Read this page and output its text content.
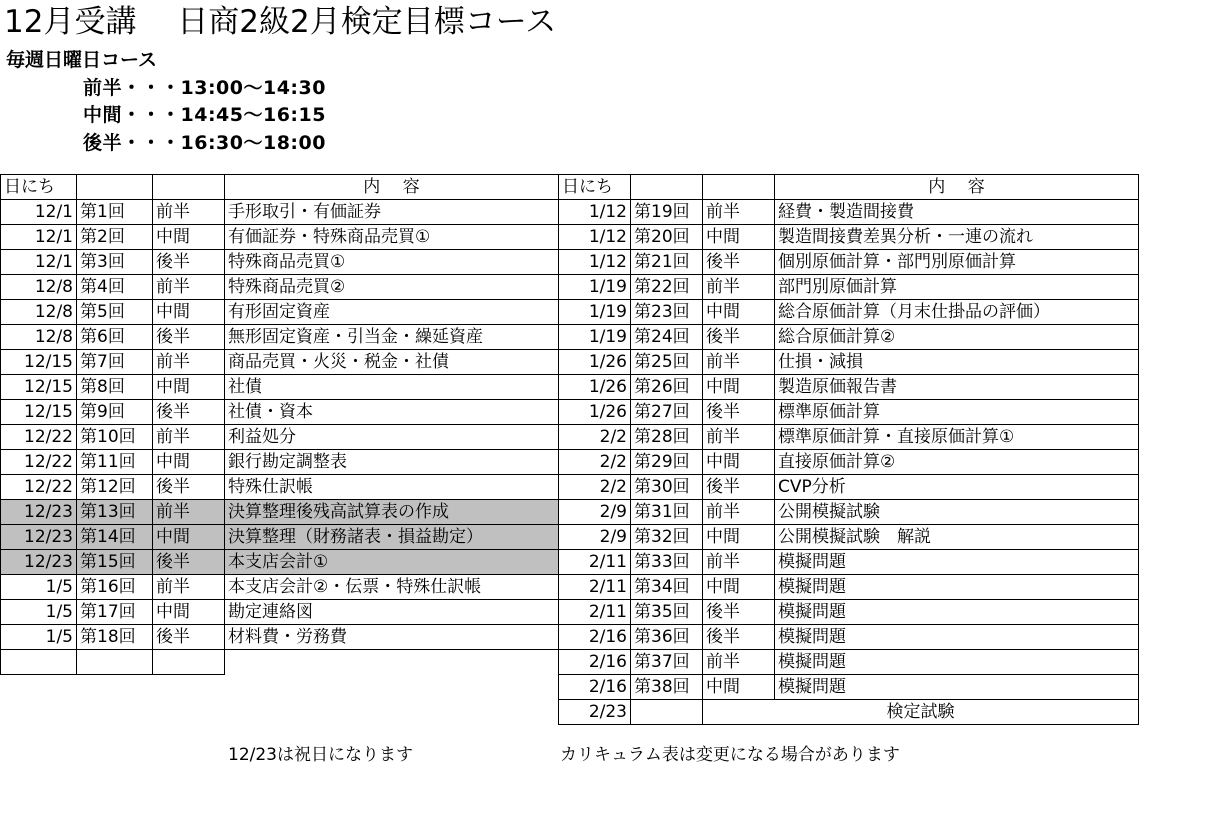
12月受講　 日商2級2月検定目標コース
毎週日曜日コース
前半・・・13:00〜14:30
中間・・・14:45〜16:15
後半・・・16:30〜18:00
日にち			内　 容
12/1	第1回	前半	手形取引・有価証券
12/1	第2回	中間	有価証券・特殊商品売買①
12/1	第3回	後半	特殊商品売買①
12/8	第4回	前半	特殊商品売買②
12/8	第5回	中間	有形固定資産
12/8	第6回	後半	無形固定資産・引当金・繰延資産
12/15	第7回	前半	商品売買・火災・税金・社債
12/15	第8回	中間	社債
12/15	第9回	後半	社債・資本
12/22	第10回	前半	利益処分
12/22	第11回	中間	銀行勘定調整表
12/22	第12回	後半	特殊仕訳帳
12/23	第13回	前半	決算整理後残高試算表の作成
12/23	第14回	中間	決算整理（財務諸表・損益勘定）
12/23	第15回	後半	本支店会計①
1/5	第16回	前半	本支店会計②・伝票・特殊仕訳帳
1/5	第17回	中間	勘定連絡図
1/5	第18回	後半	材料費・労務費

日にち			内　 容
1/12	第19回	前半	経費・製造間接費
1/12	第20回	中間	製造間接費差異分析・一連の流れ
1/12	第21回	後半	個別原価計算・部門別原価計算
1/19	第22回	前半	部門別原価計算
1/19	第23回	中間	総合原価計算（月末仕掛品の評価）
1/19	第24回	後半	総合原価計算②
1/26	第25回	前半	仕損・減損
1/26	第26回	中間	製造原価報告書
1/26	第27回	後半	標準原価計算
2/2	第28回	前半	標準原価計算・直接原価計算①
2/2	第29回	中間	直接原価計算②
2/2	第30回	後半	CVP分析
2/9	第31回	前半	公開模擬試験
2/9	第32回	中間	公開模擬試験　解説
2/11	第33回	前半	模擬問題
2/11	第34回	中間	模擬問題
2/11	第35回	後半	模擬問題
2/16	第36回	後半	模擬問題
2/16	第37回	前半	模擬問題
2/16	第38回	中間	模擬問題
2/23		検定試験	
12/23は祝日になります	カリキュラム表は変更になる場合があります
